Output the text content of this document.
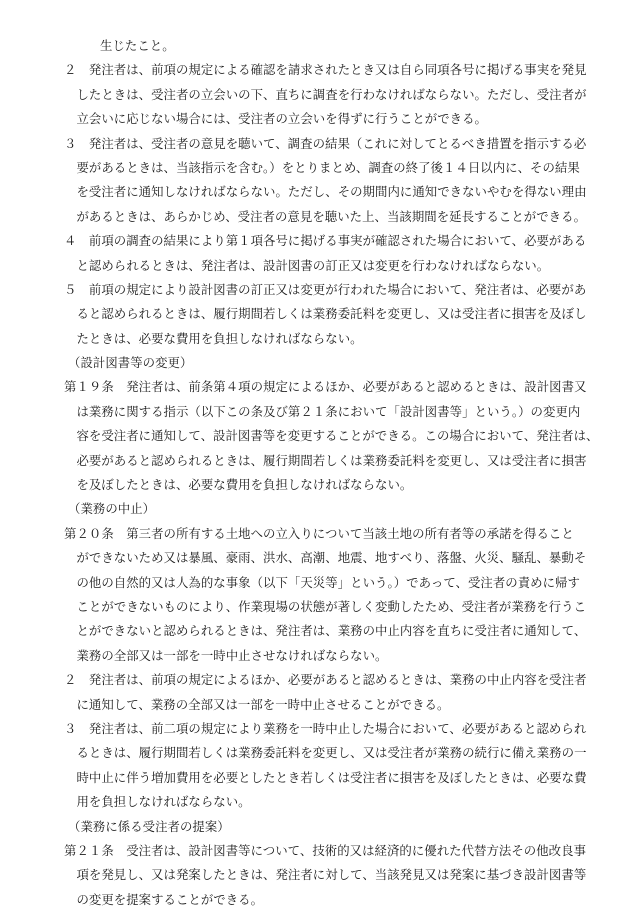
生じたこと。
２　発注者は、前項の規定による確認を請求されたとき又は自ら同項各号に掲げる事実を発見
　したときは、受注者の立会いの下、直ちに調査を行わなければならない。ただし、受注者が
　立会いに応じない場合には、受注者の立会いを得ずに行うことができる。
３　発注者は、受注者の意見を聴いて、調査の結果（これに対してとるべき措置を指示する必
　要があるときは、当該指示を含む。）をとりまとめ、調査の終了後１４日以内に、その結果
　を受注者に通知しなければならない。ただし、その期間内に通知できないやむを得ない理由
　があるときは、あらかじめ、受注者の意見を聴いた上、当該期間を延長することができる。
４　前項の調査の結果により第１項各号に掲げる事実が確認された場合において、必要がある
　と認められるときは、発注者は、設計図書の訂正又は変更を行わなければならない。
５　前項の規定により設計図書の訂正又は変更が行われた場合において、発注者は、必要があ
　ると認められるときは、履行期間若しくは業務委託料を変更し、又は受注者に損害を及ぼし
　たときは、必要な費用を負担しなければならない。
（設計図書等の変更）
第１９条　発注者は、前条第４項の規定によるほか、必要があると認めるときは、設計図書又
　は業務に関する指示（以下この条及び第２１条において「設計図書等」という。）の変更内
　容を受注者に通知して、設計図書等を変更することができる。この場合において、発注者は、
　必要があると認められるときは、履行期間若しくは業務委託料を変更し、又は受注者に損害
　を及ぼしたときは、必要な費用を負担しなければならない。
（業務の中止）
第２０条　第三者の所有する土地への立入りについて当該土地の所有者等の承諾を得ること
　ができないため又は暴風、豪雨、洪水、高潮、地震、地すべり、落盤、火災、騒乱、暴動そ
　の他の自然的又は人為的な事象（以下「天災等」という。）であって、受注者の責めに帰す
　ことができないものにより、作業現場の状態が著しく変動したため、受注者が業務を行うこ
　とができないと認められるときは、発注者は、業務の中止内容を直ちに受注者に通知して、
　業務の全部又は一部を一時中止させなければならない。
２　発注者は、前項の規定によるほか、必要があると認めるときは、業務の中止内容を受注者
　に通知して、業務の全部又は一部を一時中止させることができる。
３　発注者は、前二項の規定により業務を一時中止した場合において、必要があると認められ
　るときは、履行期間若しくは業務委託料を変更し、又は受注者が業務の続行に備え業務の一
　時中止に伴う増加費用を必要としたとき若しくは受注者に損害を及ぼしたときは、必要な費
　用を負担しなければならない。
（業務に係る受注者の提案）
第２１条　受注者は、設計図書等について、技術的又は経済的に優れた代替方法その他改良事
　項を発見し、又は発案したときは、発注者に対して、当該発見又は発案に基づき設計図書等
　の変更を提案することができる。
